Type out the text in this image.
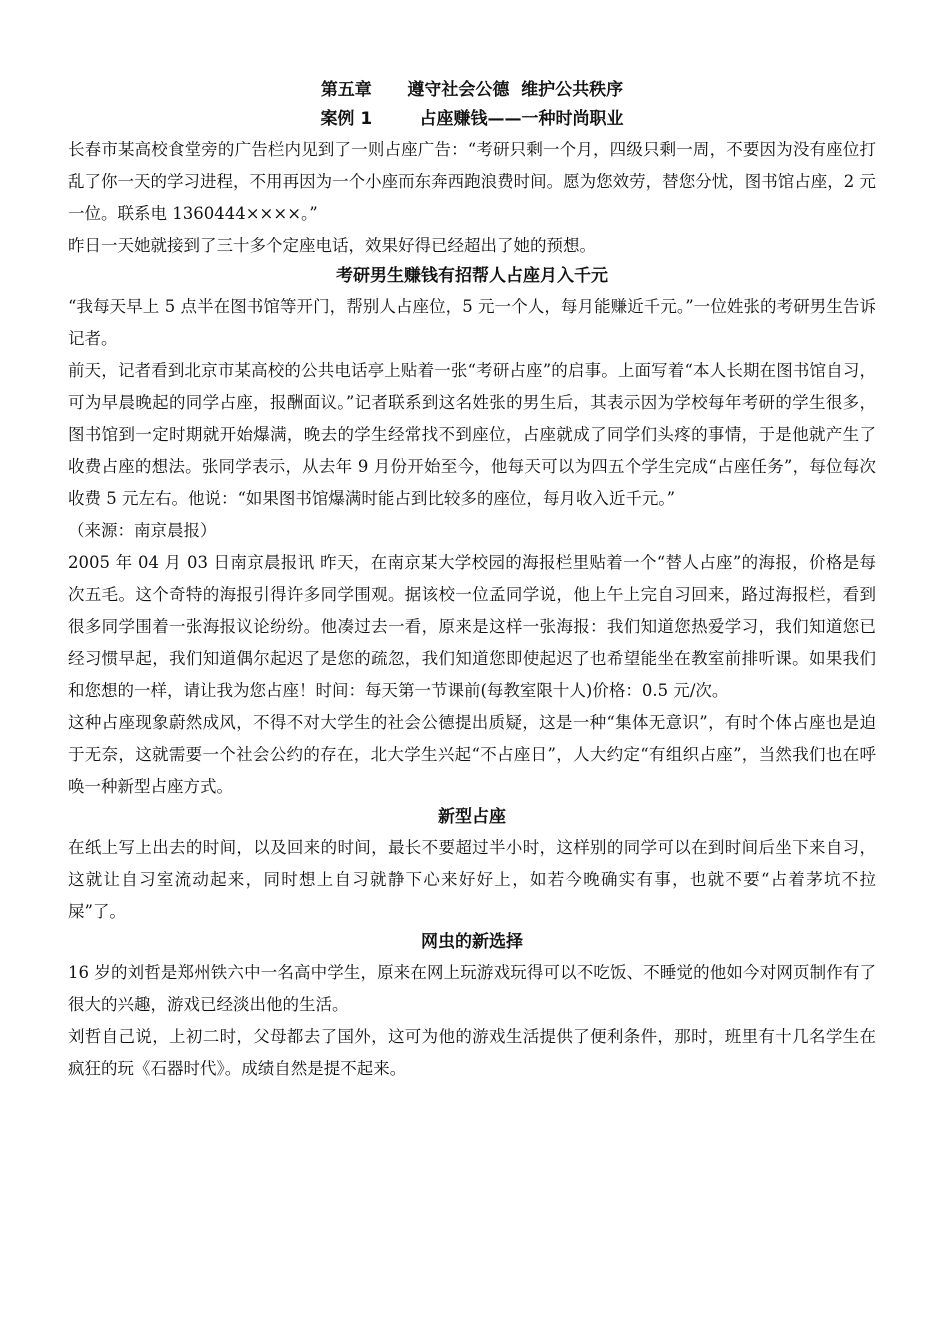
第五章      遵守社会公德  维护公共秩序
案例 1        占座赚钱——一种时尚职业

长春市某高校食堂旁的广告栏内见到了一则占座广告：“考研只剩一个月，四级只剩一周，不要因为没有座位打乱了你一天的学习进程，不用再因为一个小座而东奔西跑浪费时间。愿为您效劳，替您分忧，图书馆占座，2 元一位。联系电 1360444××××。”

昨日一天她就接到了三十多个定座电话，效果好得已经超出了她的预想。

考研男生赚钱有招帮人占座月入千元

“我每天早上 5 点半在图书馆等开门，帮别人占座位，5 元一个人，每月能赚近千元。”一位姓张的考研男生告诉记者。

前天，记者看到北京市某高校的公共电话亭上贴着一张“考研占座”的启事。上面写着“本人长期在图书馆自习，可为早晨晚起的同学占座，报酬面议。”记者联系到这名姓张的男生后，其表示因为学校每年考研的学生很多，图书馆到一定时期就开始爆满，晚去的学生经常找不到座位，占座就成了同学们头疼的事情，于是他就产生了收费占座的想法。张同学表示，从去年 9 月份开始至今，他每天可以为四五个学生完成“占座任务”，每位每次收费 5 元左右。他说：“如果图书馆爆满时能占到比较多的座位，每月收入近千元。”

（来源：南京晨报）

2005 年 04 月 03 日南京晨报讯 昨天，在南京某大学校园的海报栏里贴着一个“替人占座”的海报，价格是每次五毛。这个奇特的海报引得许多同学围观。据该校一位孟同学说，他上午上完自习回来，路过海报栏，看到很多同学围着一张海报议论纷纷。他凑过去一看，原来是这样一张海报：我们知道您热爱学习，我们知道您已经习惯早起，我们知道偶尔起迟了是您的疏忽，我们知道您即使起迟了也希望能坐在教室前排听课。如果我们和您想的一样，请让我为您占座！时间：每天第一节课前(每教室限十人)价格：0.5 元/次。

这种占座现象蔚然成风，不得不对大学生的社会公德提出质疑，这是一种“集体无意识”，有时个体占座也是迫于无奈，这就需要一个社会公约的存在，北大学生兴起“不占座日”，人大约定“有组织占座”，当然我们也在呼唤一种新型占座方式。

新型占座

在纸上写上出去的时间，以及回来的时间，最长不要超过半小时，这样别的同学可以在到时间后坐下来自习，这就让自习室流动起来，同时想上自习就静下心来好好上，如若今晚确实有事，也就不要“占着茅坑不拉屎”了。

网虫的新选择

16 岁的刘哲是郑州铁六中一名高中学生，原来在网上玩游戏玩得可以不吃饭、不睡觉的他如今对网页制作有了很大的兴趣，游戏已经淡出他的生活。

刘哲自己说，上初二时，父母都去了国外，这可为他的游戏生活提供了便利条件，那时，班里有十几名学生在疯狂的玩《石器时代》。成绩自然是提不起来。
